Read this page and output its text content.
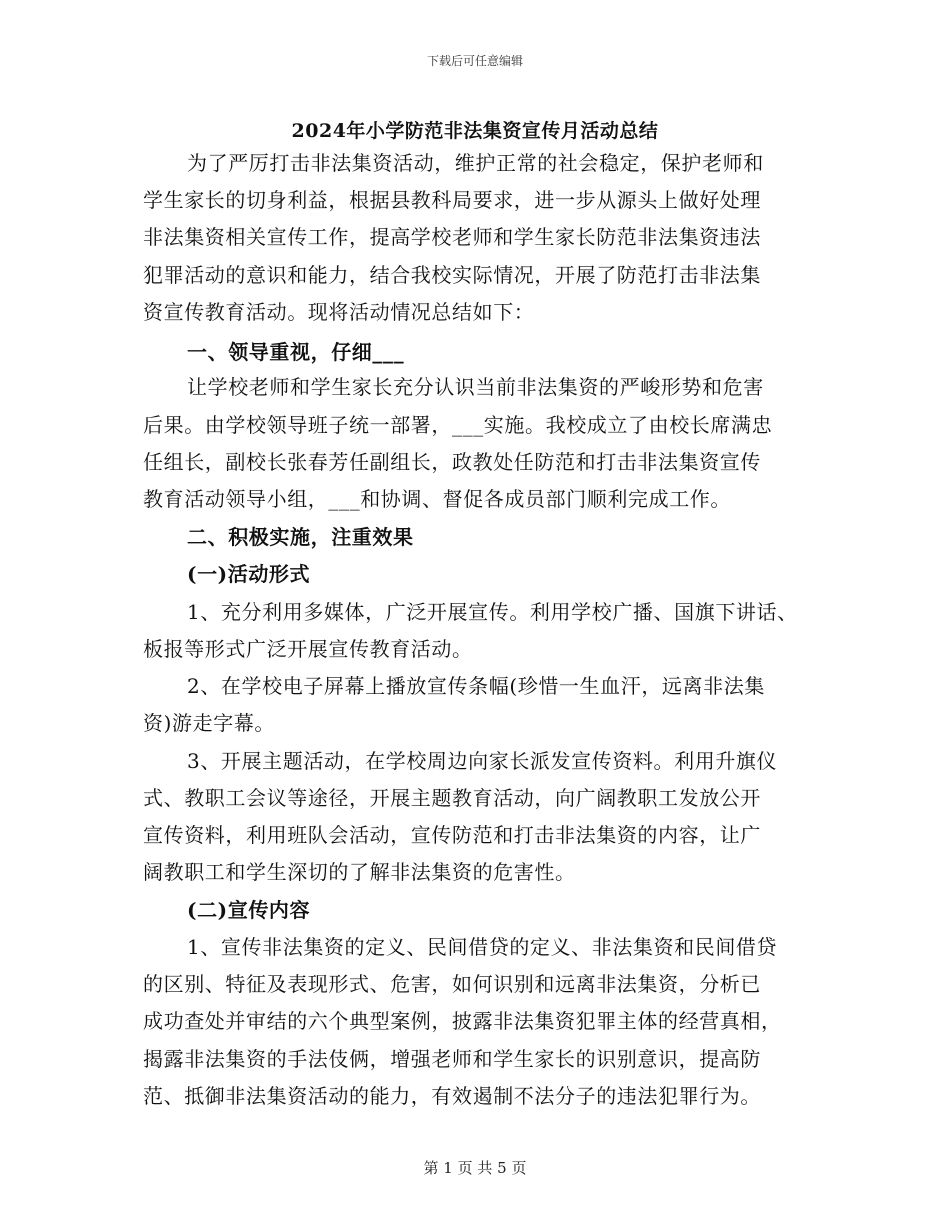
下载后可任意编辑
2024年小学防范非法集资宣传月活动总结
为了严厉打击非法集资活动，维护正常的社会稳定，保护老师和
学生家长的切身利益，根据县教科局要求，进一步从源头上做好处理
非法集资相关宣传工作，提高学校老师和学生家长防范非法集资违法
犯罪活动的意识和能力，结合我校实际情况，开展了防范打击非法集
资宣传教育活动。现将活动情况总结如下：
一、领导重视，仔细___
让学校老师和学生家长充分认识当前非法集资的严峻形势和危害
后果。由学校领导班子统一部署，___实施。我校成立了由校长席满忠
任组长，副校长张春芳任副组长，政教处任防范和打击非法集资宣传
教育活动领导小组，___和协调、督促各成员部门顺利完成工作。
二、积极实施，注重效果
(一)活动形式
1、充分利用多媒体，广泛开展宣传。利用学校广播、国旗下讲话、
板报等形式广泛开展宣传教育活动。
2、在学校电子屏幕上播放宣传条幅(珍惜一生血汗，远离非法集
资)游走字幕。
3、开展主题活动，在学校周边向家长派发宣传资料。利用升旗仪
式、教职工会议等途径，开展主题教育活动，向广阔教职工发放公开
宣传资料，利用班队会活动，宣传防范和打击非法集资的内容，让广
阔教职工和学生深切的了解非法集资的危害性。
(二)宣传内容
1、宣传非法集资的定义、民间借贷的定义、非法集资和民间借贷
的区别、特征及表现形式、危害，如何识别和远离非法集资，分析已
成功查处并审结的六个典型案例，披露非法集资犯罪主体的经营真相，
揭露非法集资的手法伎俩，增强老师和学生家长的识别意识，提高防
范、抵御非法集资活动的能力，有效遏制不法分子的违法犯罪行为。
第 1 页 共 5 页
